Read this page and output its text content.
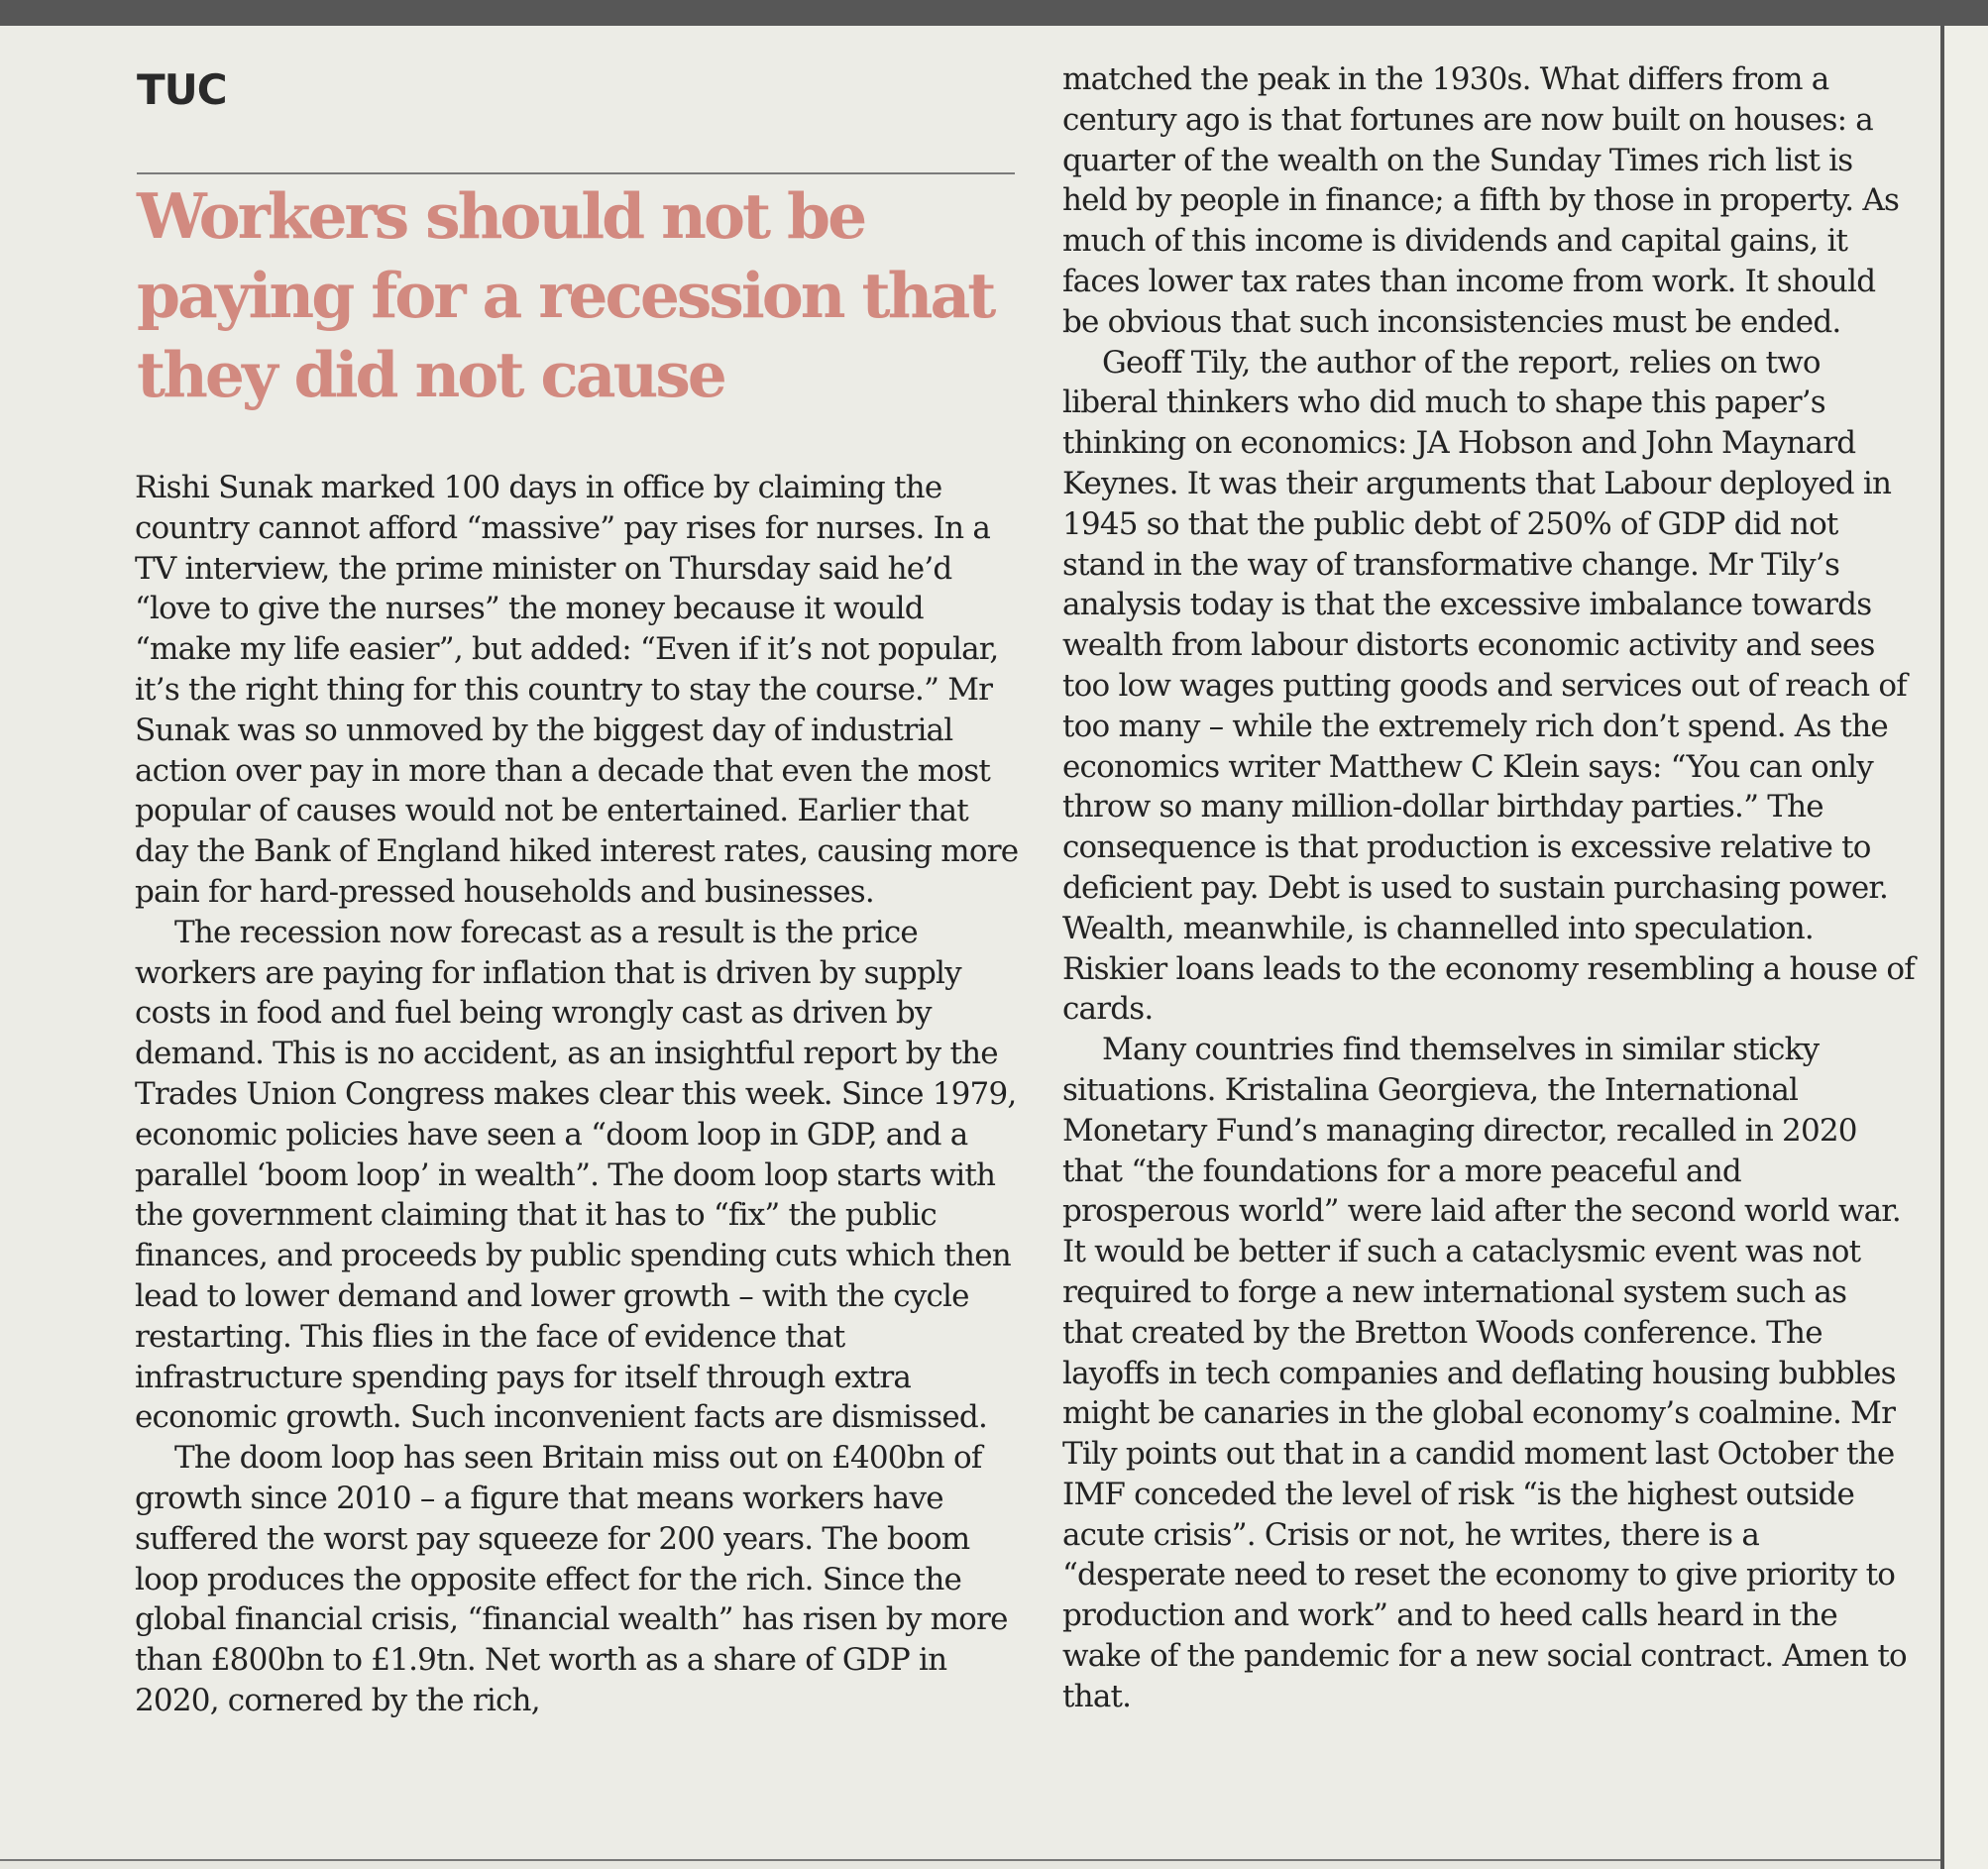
TUC
Workers should not be paying for a recession that they did not cause

Rishi Sunak marked 100 days in office by claiming the country cannot afford “massive” pay rises for nurses. In a TV interview, the prime minister on Thursday said he’d “love to give the nurses” the money because it would “make my life easier”, but added: “Even if it’s not popular, it’s the right thing for this country to stay the course.” Mr Sunak was so unmoved by the biggest day of industrial action over pay in more than a decade that even the most popular of causes would not be entertained. Earlier that day the Bank of England hiked interest rates, causing more pain for hard-pressed households and businesses.

The recession now forecast as a result is the price workers are paying for inflation that is driven by supply costs in food and fuel being wrongly cast as driven by demand. This is no accident, as an insightful report by the Trades Union Congress makes clear this week. Since 1979, economic policies have seen a “doom loop in GDP, and a parallel ‘boom loop’ in wealth”. The doom loop starts with the government claiming that it has to “fix” the public finances, and proceeds by public spending cuts which then lead to lower demand and lower growth – with the cycle restarting. This flies in the face of evidence that infrastructure spending pays for itself through extra economic growth. Such inconvenient facts are dismissed.

The doom loop has seen Britain miss out on £400bn of growth since 2010 – a figure that means workers have suffered the worst pay squeeze for 200 years. The boom loop produces the opposite effect for the rich. Since the global financial crisis, “financial wealth” has risen by more than £800bn to £1.9tn. Net worth as a share of GDP in 2020, cornered by the rich,

matched the peak in the 1930s. What differs from a century ago is that fortunes are now built on houses: a quarter of the wealth on the Sunday Times rich list is held by people in finance; a fifth by those in property. As much of this income is dividends and capital gains, it faces lower tax rates than income from work. It should be obvious that such inconsistencies must be ended.

Geoff Tily, the author of the report, relies on two liberal thinkers who did much to shape this paper’s thinking on economics: JA Hobson and John Maynard Keynes. It was their arguments that Labour deployed in 1945 so that the public debt of 250% of GDP did not stand in the way of transformative change. Mr Tily’s analysis today is that the excessive imbalance towards wealth from labour distorts economic activity and sees too low wages putting goods and services out of reach of too many – while the extremely rich don’t spend. As the economics writer Matthew C Klein says: “You can only throw so many million-dollar birthday parties.” The consequence is that production is excessive relative to deficient pay. Debt is used to sustain purchasing power. Wealth, meanwhile, is channelled into speculation. Riskier loans leads to the economy resembling a house of cards.

Many countries find themselves in similar sticky situations. Kristalina Georgieva, the International Monetary Fund’s managing director, recalled in 2020 that “the foundations for a more peaceful and prosperous world” were laid after the second world war. It would be better if such a cataclysmic event was not required to forge a new international system such as that created by the Bretton Woods conference. The layoffs in tech companies and deflating housing bubbles might be canaries in the global economy’s coalmine. Mr Tily points out that in a candid moment last October the IMF conceded the level of risk “is the highest outside acute crisis”. Crisis or not, he writes, there is a “desperate need to reset the economy to give priority to production and work” and to heed calls heard in the wake of the pandemic for a new social contract. Amen to that.
